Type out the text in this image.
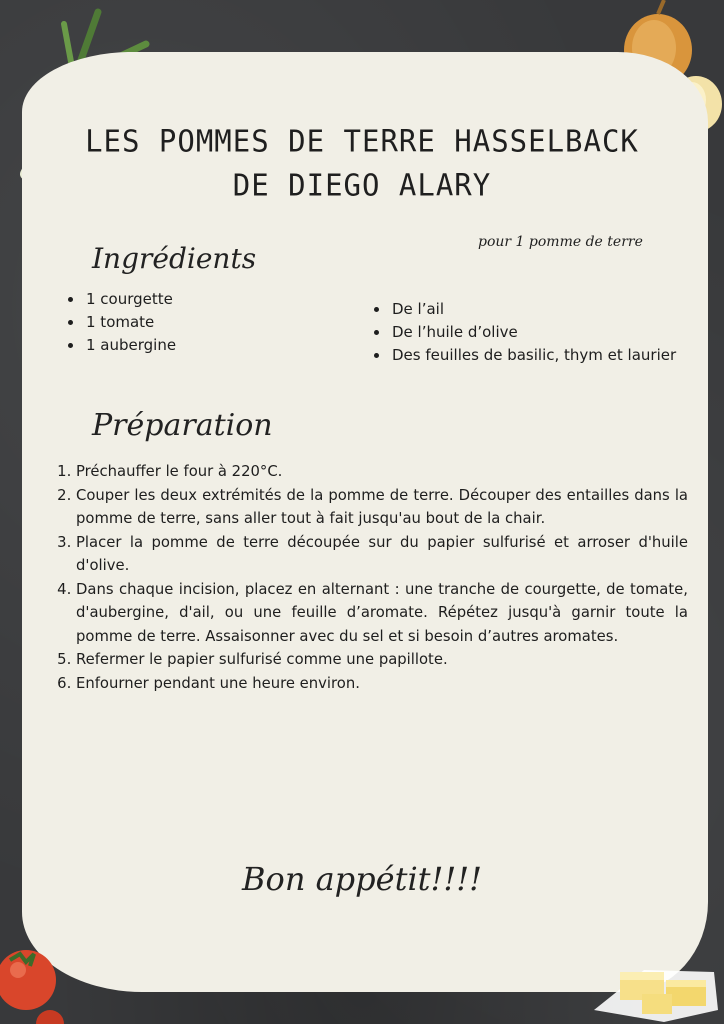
LES POMMES DE TERRE HASSELBACK
DE DIEGO ALARY
Ingrédients	pour 1 pomme de terre
• 1 courgette
• 1 tomate
• 1 aubergine
• De l’ail
• De l’huile d’olive
• Des feuilles de basilic, thym et laurier
Préparation
1. Préchauffer le four à 220°C.
2. Couper les deux extrémités de la pomme de terre. Découper des entailles dans la pomme de terre, sans aller tout à fait jusqu'au bout de la chair.
3. Placer la pomme de terre découpée sur du papier sulfurisé et arroser d'huile d'olive.
4. Dans chaque incision, placez en alternant : une tranche de courgette, de tomate, d'aubergine, d'ail, ou une feuille d’aromate. Répétez jusqu'à garnir toute la pomme de terre. Assaisonner avec du sel et si besoin d’autres aromates.
5. Refermer le papier sulfurisé comme une papillote.
6. Enfourner pendant une heure environ.
Bon appétit!!!!
